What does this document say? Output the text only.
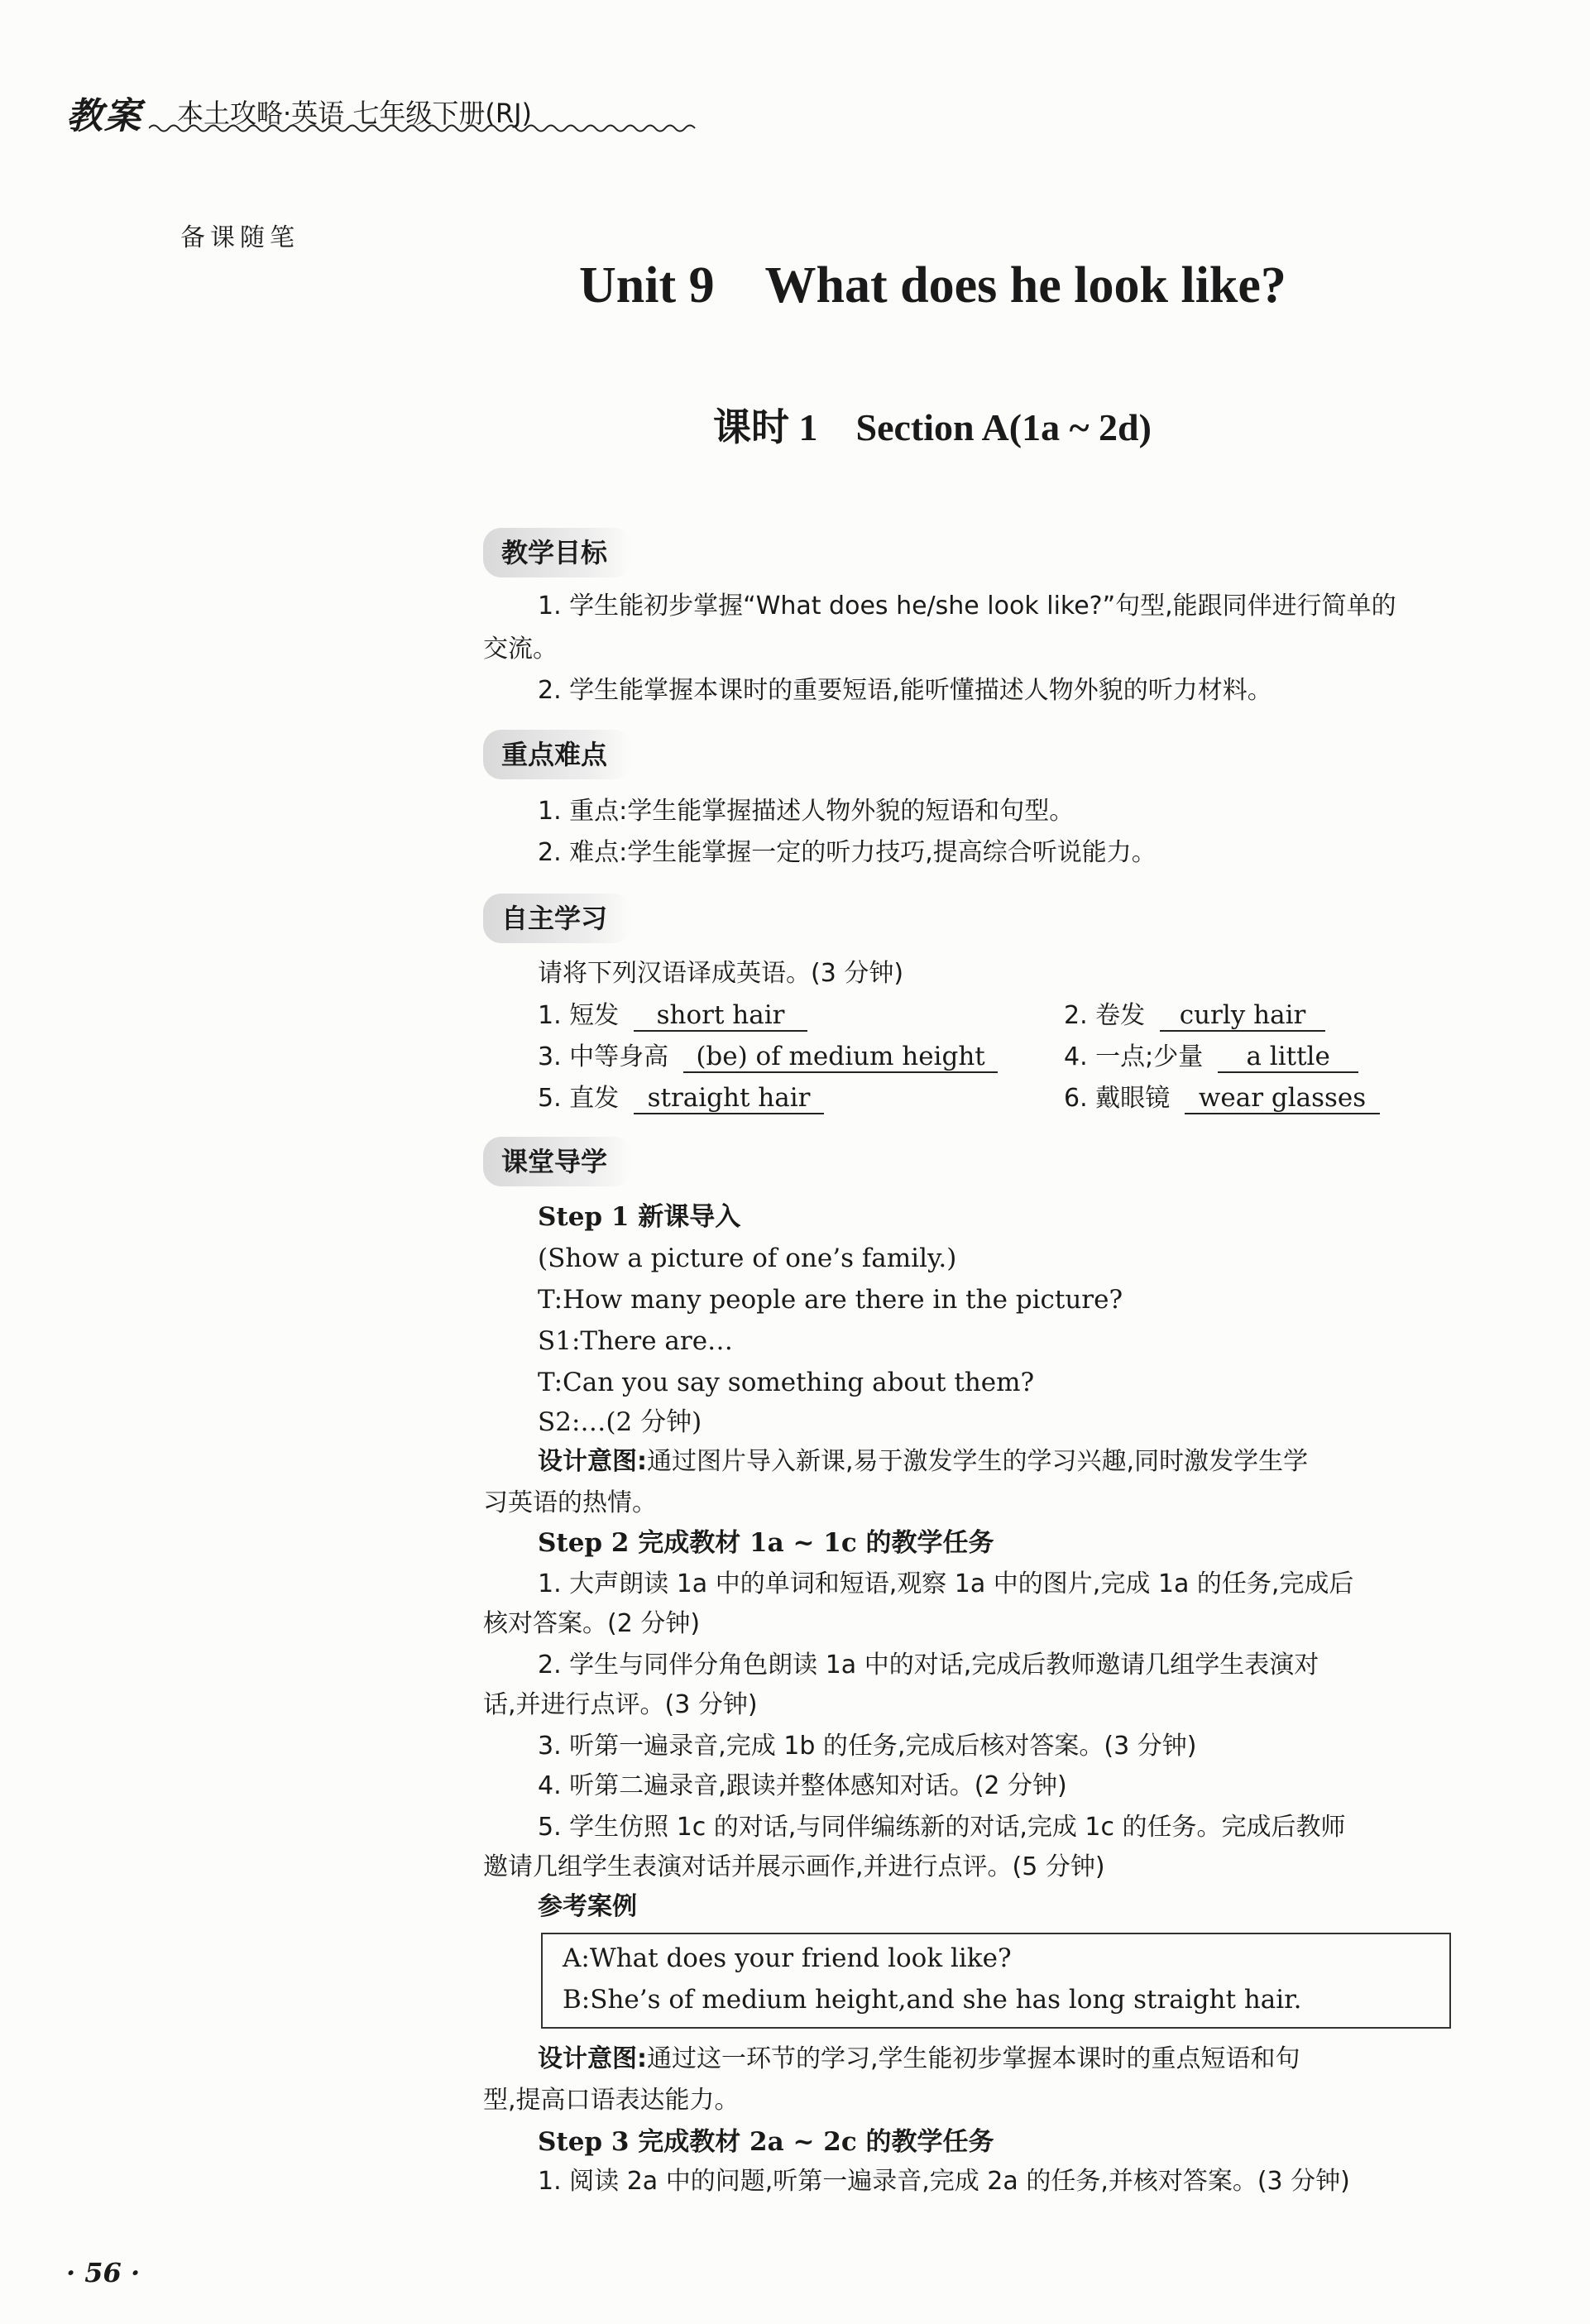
教案 本土攻略·英语 七年级下册(RJ)
备课随笔
Unit 9    What does he look like?
课时 1    Section A(1a ~ 2d)
教学目标
1. 学生能初步掌握“What does he/she look like?”句型,能跟同伴进行简单的
交流。
2. 学生能掌握本课时的重要短语,能听懂描述人物外貌的听力材料。
重点难点
1. 重点:学生能掌握描述人物外貌的短语和句型。
2. 难点:学生能掌握一定的听力技巧,提高综合听说能力。
自主学习
请将下列汉语译成英语。(3 分钟)
1. 短发 short hair	2. 卷发 curly hair
3. 中等身高 (be) of medium height	4. 一点;少量 a little
5. 直发 straight hair	6. 戴眼镜 wear glasses
课堂导学
Step 1 新课导入
(Show a picture of one’s family.)
T:How many people are there in the picture?
S1:There are…
T:Can you say something about them?
S2:…(2 分钟)
设计意图:通过图片导入新课,易于激发学生的学习兴趣,同时激发学生学
习英语的热情。
Step 2 完成教材 1a ~ 1c 的教学任务
1. 大声朗读 1a 中的单词和短语,观察 1a 中的图片,完成 1a 的任务,完成后
核对答案。(2 分钟)
2. 学生与同伴分角色朗读 1a 中的对话,完成后教师邀请几组学生表演对
话,并进行点评。(3 分钟)
3. 听第一遍录音,完成 1b 的任务,完成后核对答案。(3 分钟)
4. 听第二遍录音,跟读并整体感知对话。(2 分钟)
5. 学生仿照 1c 的对话,与同伴编练新的对话,完成 1c 的任务。完成后教师
邀请几组学生表演对话并展示画作,并进行点评。(5 分钟)
参考案例
A:What does your friend look like?
B:She’s of medium height,and she has long straight hair.
设计意图:通过这一环节的学习,学生能初步掌握本课时的重点短语和句
型,提高口语表达能力。
Step 3 完成教材 2a ~ 2c 的教学任务
1. 阅读 2a 中的问题,听第一遍录音,完成 2a 的任务,并核对答案。(3 分钟)
· 56 ·
